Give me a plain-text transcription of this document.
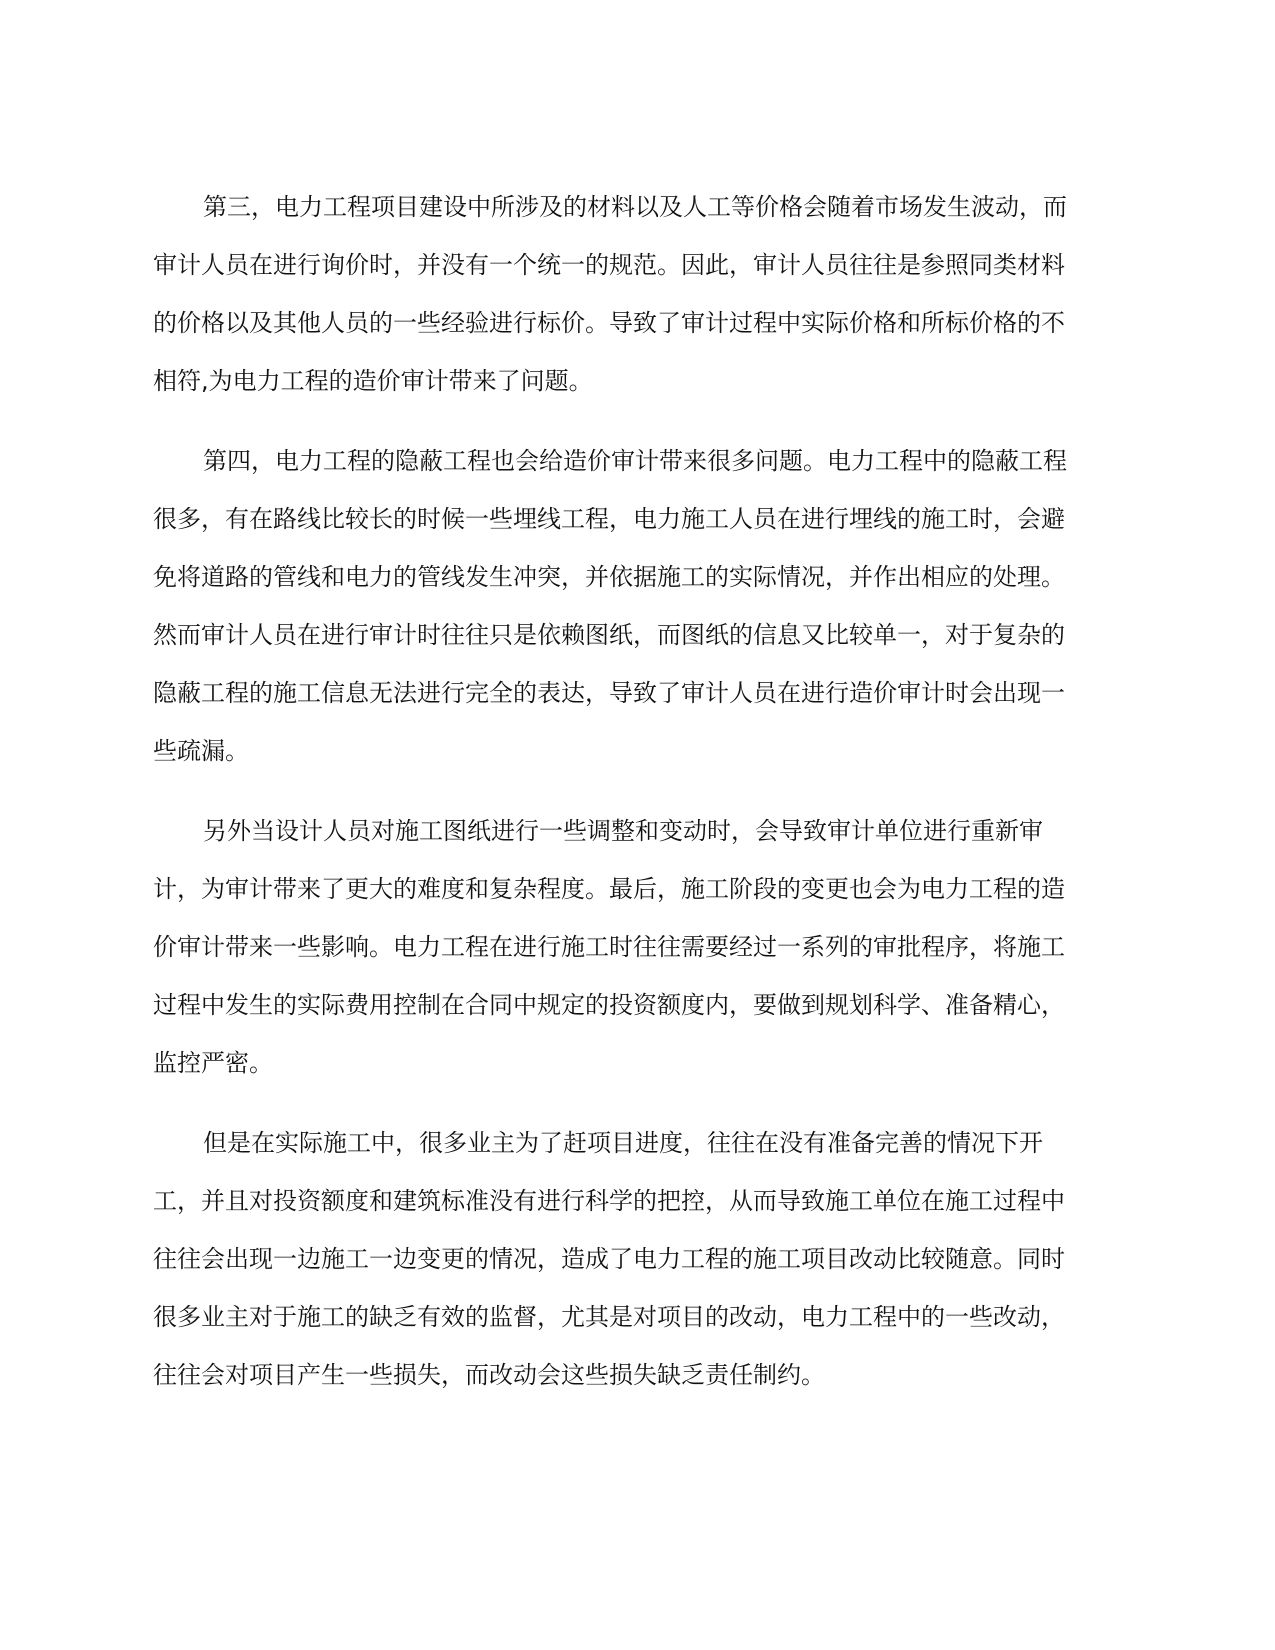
第三，电力工程项目建设中所涉及的材料以及人工等价格会随着市场发生波动，而
审计人员在进行询价时，并没有一个统一的规范。因此，审计人员往往是参照同类材料
的价格以及其他人员的一些经验进行标价。导致了审计过程中实际价格和所标价格的不
相符,为电力工程的造价审计带来了问题。
第四，电力工程的隐蔽工程也会给造价审计带来很多问题。电力工程中的隐蔽工程
很多，有在路线比较长的时候一些埋线工程，电力施工人员在进行埋线的施工时，会避
免将道路的管线和电力的管线发生冲突，并依据施工的实际情况，并作出相应的处理。
然而审计人员在进行审计时往往只是依赖图纸，而图纸的信息又比较单一，对于复杂的
隐蔽工程的施工信息无法进行完全的表达，导致了审计人员在进行造价审计时会出现一
些疏漏。
另外当设计人员对施工图纸进行一些调整和变动时，会导致审计单位进行重新审
计，为审计带来了更大的难度和复杂程度。最后，施工阶段的变更也会为电力工程的造
价审计带来一些影响。电力工程在进行施工时往往需要经过一系列的审批程序，将施工
过程中发生的实际费用控制在合同中规定的投资额度内，要做到规划科学、准备精心，
监控严密。
但是在实际施工中，很多业主为了赶项目进度，往往在没有准备完善的情况下开
工，并且对投资额度和建筑标准没有进行科学的把控，从而导致施工单位在施工过程中
往往会出现一边施工一边变更的情况，造成了电力工程的施工项目改动比较随意。同时
很多业主对于施工的缺乏有效的监督，尤其是对项目的改动，电力工程中的一些改动，
往往会对项目产生一些损失，而改动会这些损失缺乏责任制约。
